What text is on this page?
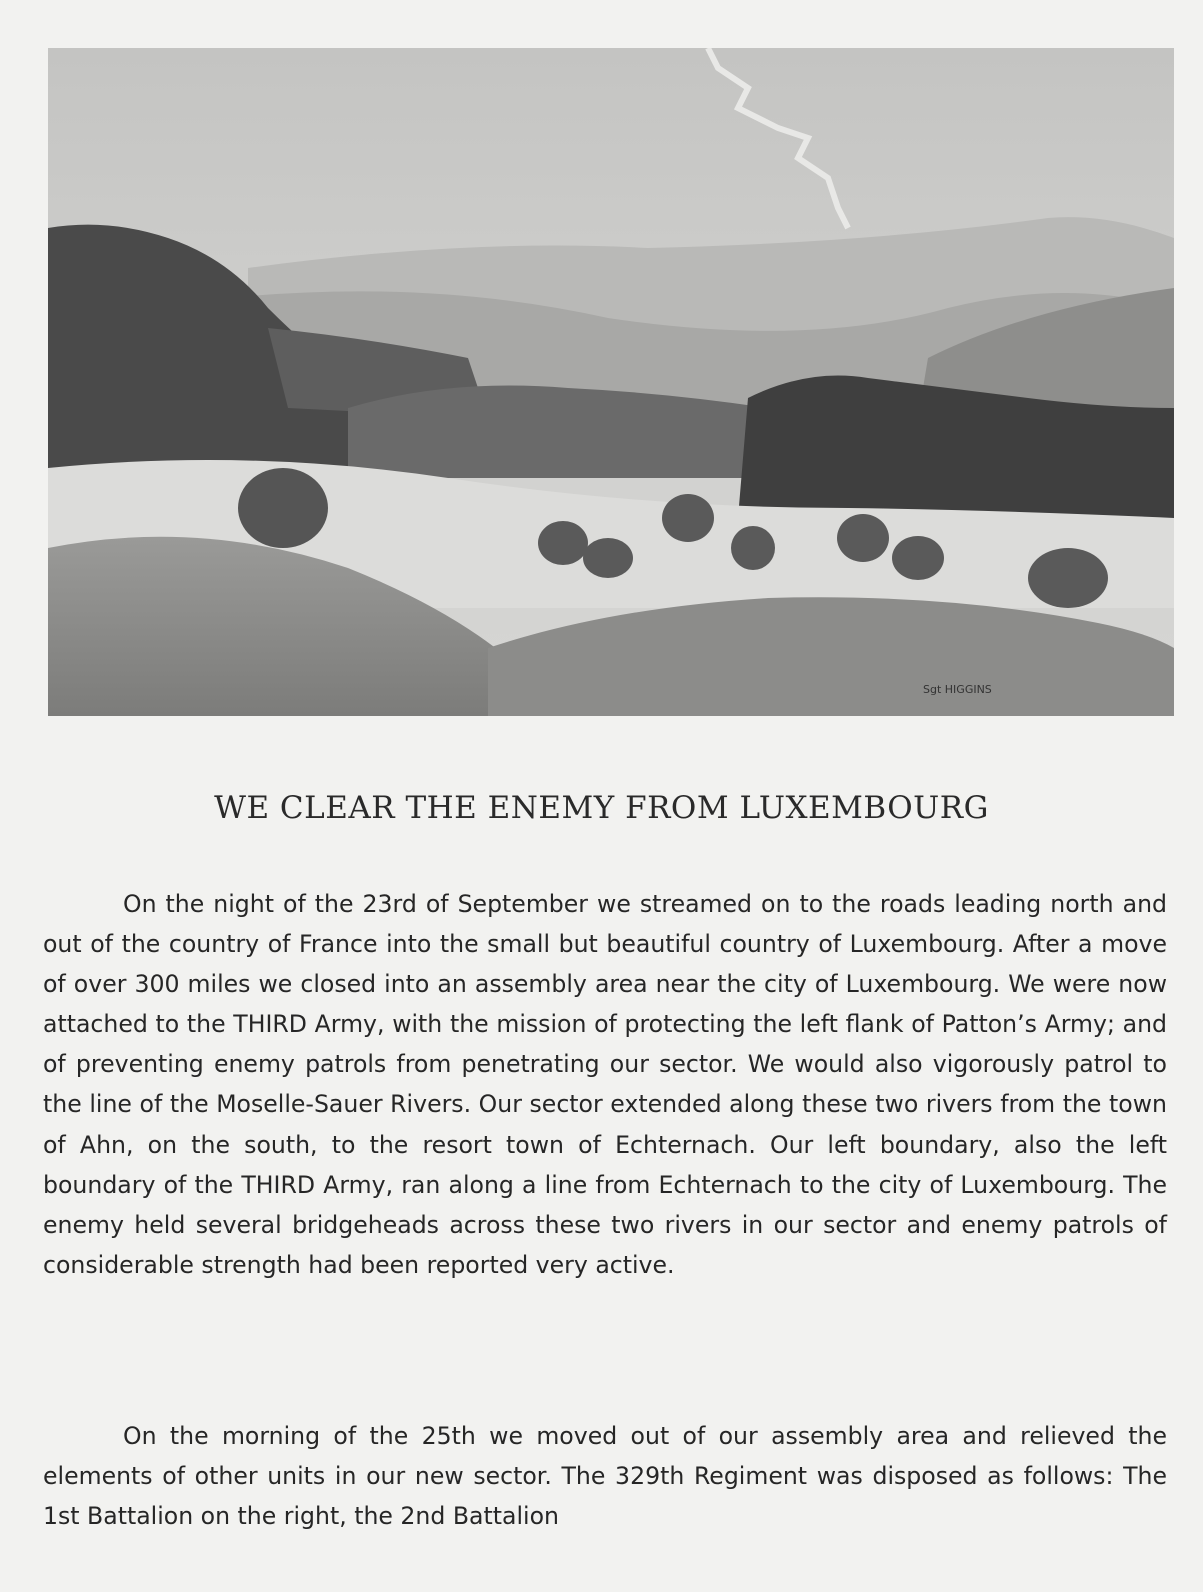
Sgt HIGGINS
WE CLEAR THE ENEMY FROM LUXEMBOURG

On the night of the 23rd of September we streamed on to the roads leading north and out of the country of France into the small but beautiful country of Luxembourg. After a move of over 300 miles we closed into an assembly area near the city of Luxembourg. We were now attached to the THIRD Army, with the mission of protecting the left flank of Patton’s Army; and of preventing enemy patrols from penetrating our sector. We would also vigorously patrol to the line of the Moselle-Sauer Rivers. Our sector extended along these two rivers from the town of Ahn, on the south, to the resort town of Echternach. Our left boundary, also the left boundary of the THIRD Army, ran along a line from Echternach to the city of Luxembourg. The enemy held several bridgeheads across these two rivers in our sector and enemy patrols of considerable strength had been reported very active.

On the morning of the 25th we moved out of our assembly area and relieved the elements of other units in our new sector. The 329th Regiment was disposed as follows: The 1st Battalion on the right, the 2nd Battalion
